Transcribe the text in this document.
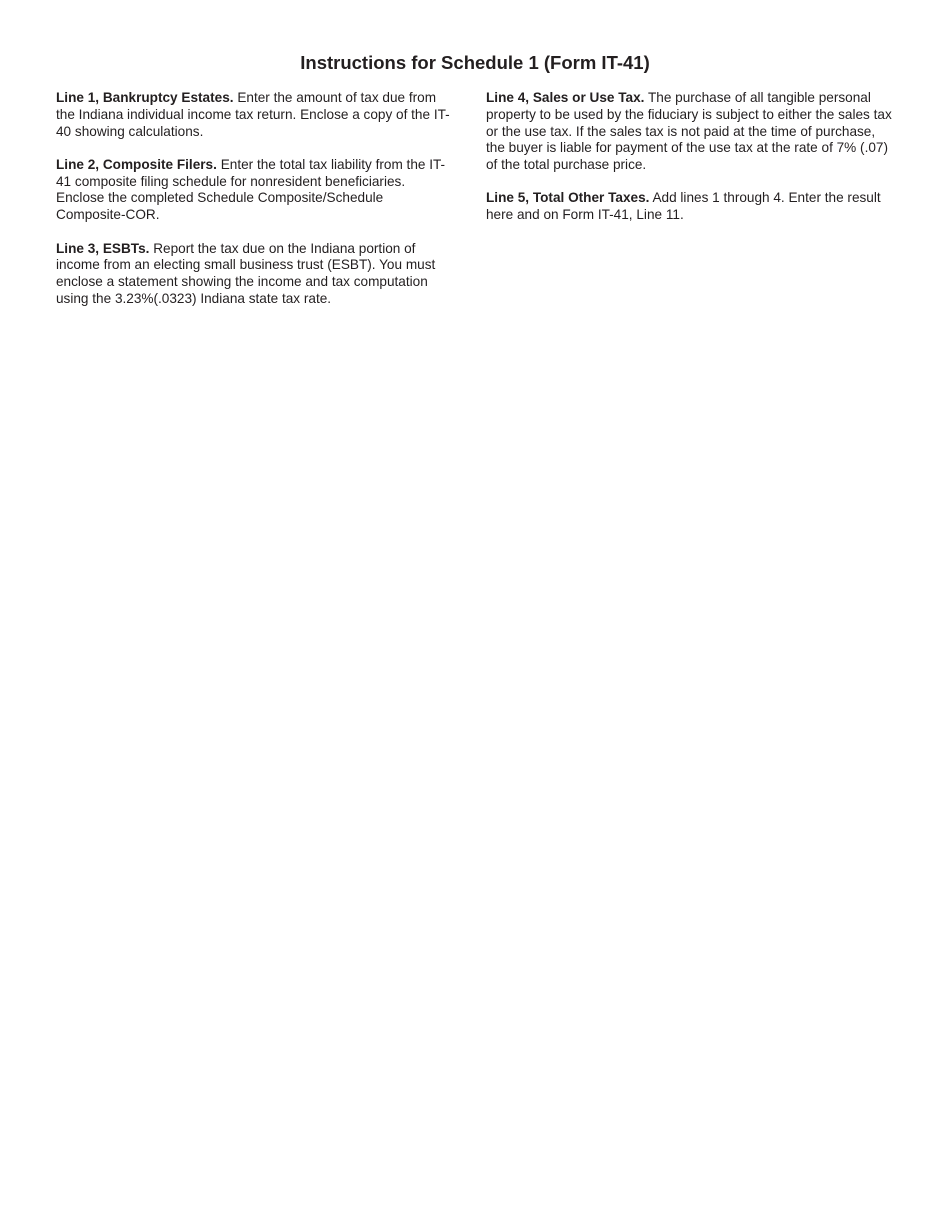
Instructions for Schedule 1 (Form IT-41)

Line 1, Bankruptcy Estates. Enter the amount of tax due from the Indiana individual income tax return. Enclose a copy of the IT-40 showing calculations.

Line 2, Composite Filers. Enter the total tax liability from the IT-41 composite filing schedule for nonresident beneficiaries. Enclose the completed Schedule Composite/Schedule Composite-COR.

Line 3, ESBTs. Report the tax due on the Indiana portion of income from an electing small business trust (ESBT). You must enclose a statement showing the income and tax computation using the 3.23%(.0323) Indiana state tax rate.

Line 4, Sales or Use Tax. The purchase of all tangible personal property to be used by the fiduciary is subject to either the sales tax or the use tax. If the sales tax is not paid at the time of purchase, the buyer is liable for payment of the use tax at the rate of 7% (.07) of the total purchase price.

Line 5, Total Other Taxes. Add lines 1 through 4. Enter the result here and on Form IT-41, Line 11.
